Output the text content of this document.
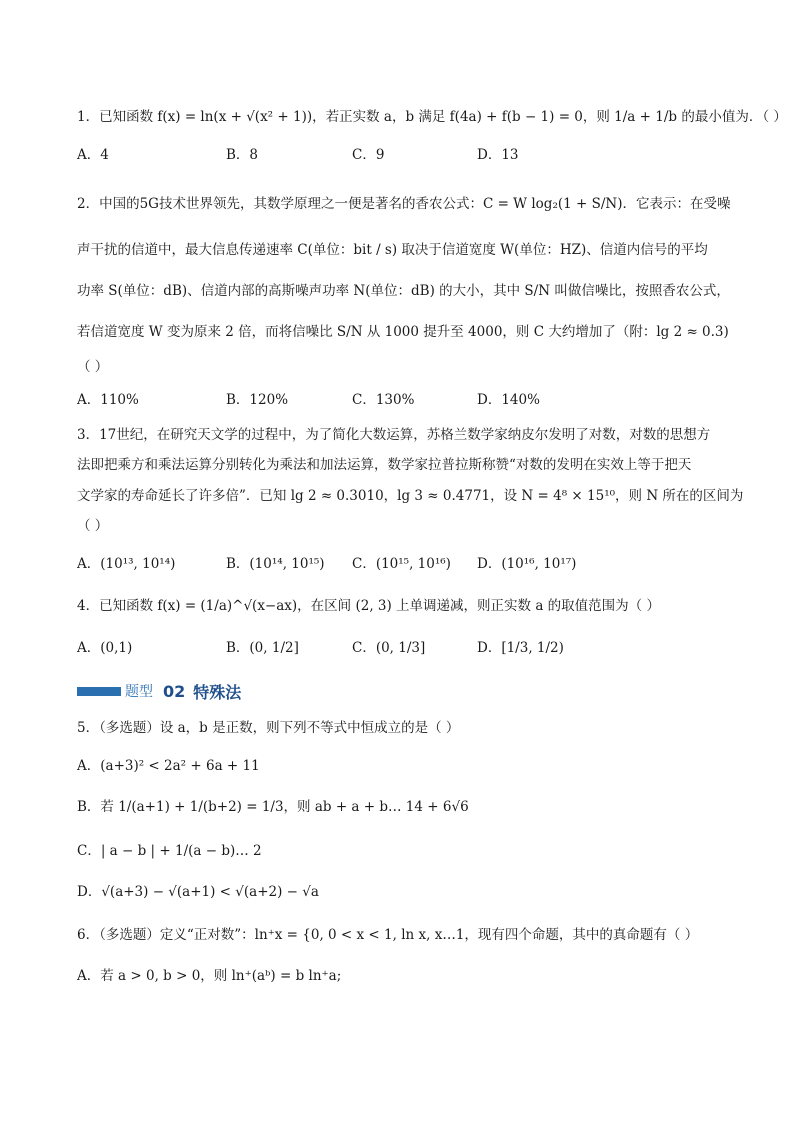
1．已知函数 f(x) = ln(x + √(x² + 1))，若正实数 a，b 满足 f(4a) + f(b − 1) = 0，则 1/a + 1/b 的最小值为．（ ）
A．4	B．8	C．9	D．13
2．中国的5G技术世界领先，其数学原理之一便是著名的香农公式：C = W log₂(1 + S/N)．它表示：在受噪
声干扰的信道中，最大信息传递速率 C(单位：bit / s) 取决于信道宽度 W(单位：HZ)、信道内信号的平均
功率 S(单位：dB)、信道内部的高斯噪声功率 N(单位：dB) 的大小，其中 S/N 叫做信噪比，按照香农公式，
若信道宽度 W 变为原来 2 倍，而将信噪比 S/N 从 1000 提升至 4000，则 C 大约增加了（附：lg 2 ≈ 0.3)
（ ）
A．110%	B．120%	C．130%	D．140%
3．17世纪，在研究天文学的过程中，为了简化大数运算，苏格兰数学家纳皮尔发明了对数，对数的思想方
法即把乘方和乘法运算分别转化为乘法和加法运算，数学家拉普拉斯称赞“对数的发明在实效上等于把天
文学家的寿命延长了许多倍”．已知 lg 2 ≈ 0.3010，lg 3 ≈ 0.4771，设 N = 4⁸ × 15¹⁰，则 N 所在的区间为
（ ）
A．(10¹³, 10¹⁴)	B．(10¹⁴, 10¹⁵) C．(10¹⁵, 10¹⁶) D．(10¹⁶, 10¹⁷)
4．已知函数 f(x) = (1/a)^√(x−ax)，在区间 (2, 3) 上单调递减，则正实数 a 的取值范围为（ ）
A．(0,1)	B．(0, 1/2]	C．(0, 1/3]	D．[1/3, 1/2)
题型 02 特殊法
5．（多选题）设 a，b 是正数，则下列不等式中恒成立的是（ ）
A．(a+3)² < 2a² + 6a + 11
B．若 1/(a+1) + 1/(b+2) = 1/3，则 ab + a + b… 14 + 6√6
C．| a − b | + 1/(a − b)… 2
D．√(a+3) − √(a+1) < √(a+2) − √a
6．（多选题）定义“正对数”：ln⁺x = {0, 0 < x < 1, ln x, x…1，现有四个命题，其中的真命题有（ ）
A．若 a > 0, b > 0，则 ln⁺(aᵇ) = b ln⁺a;
